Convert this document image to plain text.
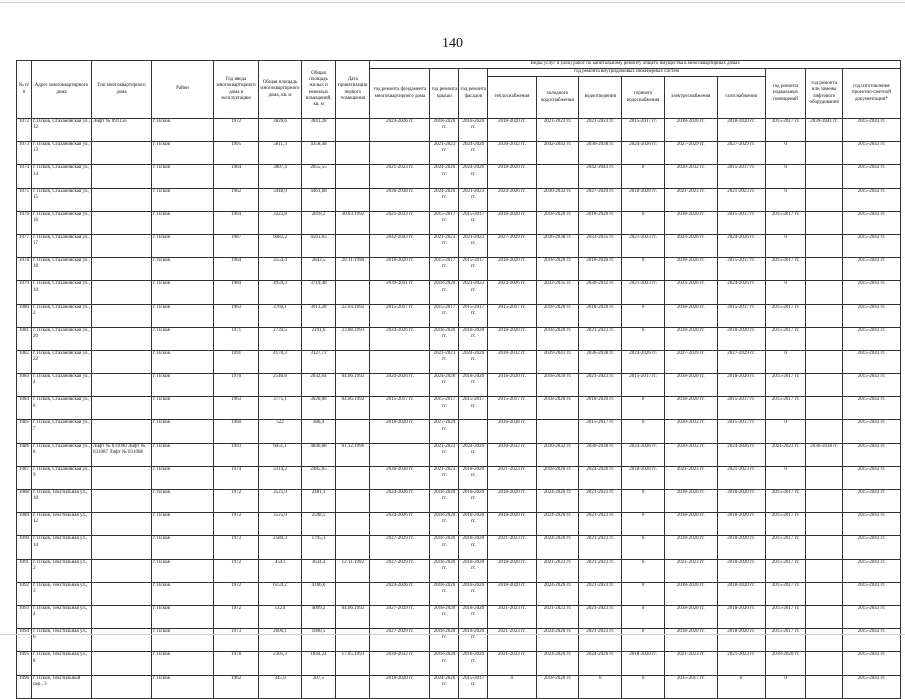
140
№ п/п	Адрес многоквартирного дома	Тип многоквартирного дома	Район	Год ввода многоквартирного дома в эксплуатацию	Общая площадь многоквартирного дома, кв. м	Общая площадь жилых и нежилых помещений, кв. м	Дата приватизации первого помещения	Виды услуг и (или) работ по капитальному ремонту общего имущества в многоквартирных домах											
								год ремонта фундамента многоквартирного дома	год ремонта крыши	год ремонта фасадов	год ремонта внутридомовых инженерных систем						год ремонта подвальных помещений	год ремонта или замены лифтового оборудования	год изготовления проектно-сметной документации*
											теплоснабжения	холодного водоснабжения	водоотведения	горячего водоснабжения	электроснабжения	газоснабжения			
1072	г. Псков, Стахановская ул., 12	Лифт № 091156	г. Псков	1972	3826,6	3041,28		2024-2026 гг.	2018-2020 гг.	2018-2020 гг.	2018-2020 гг.	2021-2023 гг.	2021-2023 гг.	2015-2017 гг.	2018-2020 гг.	2018-2020 гг.	2015-2017 гг.	2039-2041 гг.	2015-2043 гг.
1073	г. Псков, Стахановская ул., 13		г. Псков	1995	5811,3	4358,48			2021-2023 гг.	2024-2026 гг.	2030-2032 гг.	2042-2043 гг.	2036-2038 гг.	2024-2026 гг.	2027-2029 гг.	2027-2029 гг.	0		2015-2043 гг.
1074	г. Псков, Стахановская ул., 14		г. Псков	1964	3807,4	2855,55		2021-2023 гг.	2024-2026 гг.	2024-2026 гг.	2018-2020 гг.		2042-2043 гг.	0	2030-2032 гг.	2015-2017 гг.	0		2015-2043 гг.
1075	г. Псков, Стахановская ул., 15		г. Псков	1962	5948,9	4461,68		2036-2038 гг.	2024-2026 гг.	2021-2023 гг.	2024-2026 гг.	2030-2032 гг.	2027-2029 гг.	2018-2020 гг.	2021-2023 гг.	2021-2023 гг.	0		2015-2043 гг.
1076	г. Псков, Стахановская ул., 16		г. Псков	1964	3222,8	2818,2	30.03.1992	2021-2023 гг.	2015-2017 гг.	2015-2017 гг.	2018-2020 гг.	2018-2020 гг.	2018-2020 гг.	0	2018-2020 гг.	2015-2017 гг.	2015-2017 гг.		2015-2043 гг.
1077	г. Псков, Стахановская ул., 17		г. Псков	1987	6082,2	4561,65		2042-2043 гг.	2021-2023 гг.	2021-2023 гг.	2027-2029 гг.	2036-2038 гг.	2033-2035 гг.	2021-2023 гг.	2024-2026 гг.	2024-2026 гг.	0		2015-2043 гг.
1078	г. Псков, Стахановская ул., 18		г. Псков	1964	3554,4	2843,5	20.11.1998	2018-2020 гг.	2015-2017 гг.	2015-2017 гг.	2018-2020 гг.	2018-2020 гг.	2018-2020 гг.	0	2018-2020 гг.	2015-2017 гг.	2015-2017 гг.		2015-2043 гг.
1079	г. Псков, Стахановская ул., 19		г. Псков	1984	4959,3	3719,48		2039-2041 гг.	2018-2020 гг.	2021-2023 гг.	2024-2026 гг.	2033-2035 гг.	2030-2032 гг.	2021-2023 гг.	2024-2026 гг.	2024-2026 гг.	0		2015-2043 гг.
1080	г. Псков, Стахановская ул., 2		г. Псков	1963	3769,1	3013,28	22.04.1992	2015-2017 гг.	2015-2017 гг.	2015-2017 гг.	2015-2017 гг.	2018-2020 гг.	2018-2020 гг.	0	2018-2020 гг.	2015-2017 гг.	2015-2017 гг.		2015-2043 гг.
1081	г. Псков, Стахановская ул., 20		г. Псков	1971	2739,5	2191,6	23.08.1993	2024-2026 гг.	2018-2020 гг.	2018-2020 гг.	2018-2020 гг.	2018-2020 гг.	2021-2023 гг.	0	2018-2020 гг.	2018-2020 гг.	2015-2017 гг.		2015-2043 гг.
1082	г. Псков, Стахановская ул., 22		г. Псков	1991	4170,3	3127,72			2021-2023 гг.	2024-2026 гг.	2030-2032 гг.	2039-2041 гг.	2036-2038 гг.	2024-2026 гг.	2027-2029 гг.	2027-2029 гг.	0		2015-2043 гг.
1083	г. Псков, Стахановская ул., 4		г. Псков	1970	2540,8	2032,64	04.06.1992	2024-2026 гг.	2024-2026 гг.	2018-2020 гг.	2018-2020 гг.	2018-2020 гг.	2021-2023 гг.	2015-2017 гг.	2018-2020 гг.	2018-2020 гг.	2015-2017 гг.		2015-2043 гг.
1084	г. Псков, Стахановская ул., 6		г. Псков	1963	3775,1	3020,08	04.06.1992	2015-2017 гг.	2015-2017 гг.	2015-2017 гг.	2015-2017 гг.	2018-2020 гг.	2018-2020 гг.	0	2018-2020 гг.	2015-2017 гг.	2015-2017 гг.		2015-2043 гг.
1085	г. Псков, Стахановская ул., 7		г. Псков	1960	522	386,4		2018-2020 гг.	2027-2029 гг.		2036-2038 гг.		2015-2017 гг.	0	2030-2032 гг.	2015-2017 гг.	0		2015-2043 гг.
1086	г. Псков, Стахановская ул., 8	Лифт № 031090 Лифт № 031087 Лифт № 031088	г. Псков	1993	6051,1	4840,88	01.12.1996		2021-2023 гг.	2024-2026 гг.	2030-2032 гг.	2030-2032 гг.	2036-2038 гг.	2024-2026 гг.	2030-2032 гг.	2024-2026 гг.	2021-2023 гг.	2036-2038 гг.	2015-2043 гг.
1087	г. Псков, Стахановская ул., 9		г. Псков	1974	3314,2	2485,65		2036-2038 гг.	2021-2023 гг.	2018-2020 гг.	2021-2023 гг.	2018-2020 гг.	2024-2026 гг.	2018-2020 гг.	2021-2023 гг.	2021-2023 гг.	0		2015-2043 гг.
1088	г. Псков, Текстильная ул., 10		г. Псков	1972	3525,9	2481,3		2024-2026 гг.	2018-2020 гг.	2018-2020 гг.	2018-2020 гг.	2024-2026 гг.	2021-2023 гг.	0	2018-2020 гг.	2018-2020 гг.	2015-2017 гг.		2015-2043 гг.
1089	г. Псков, Текстильная ул., 12		г. Псков	1972	3525,9	2598,5		2024-2026 гг.	2018-2020 гг.	2018-2020 гг.	2018-2020 гг.	2024-2026 гг.	2021-2023 гг.	0	2018-2020 гг.	2018-2020 гг.	2015-2017 гг.		2015-2043 гг.
1090	г. Псков, Текстильная ул., 14		г. Псков	1973	2580,3	1795,1		2027-2029 гг.	2018-2020 гг.	2018-2020 гг.	2021-2023 гг.	2024-2026 гг.	2021-2023 гг.	0	2018-2020 гг.	2018-2020 гг.	2015-2017 гг.		2015-2043 гг.
1091	г. Псков, Текстильная ул., 2		г. Псков	1972	4543	3634,4	12.11.1992	2027-2029 гг.	2018-2020 гг.	2018-2020 гг.	2018-2020 гг.	2021-2023 гг.	2021-2023 гг.	0	2021-2023 гг.	2018-2020 гг.	2015-2017 гг.		2015-2043 гг.
1092	г. Псков, Текстильная ул., 3		г. Псков	1972	6159,2	4186,6		2024-2026 гг.	2018-2020 гг.	2018-2020 гг.	2018-2020 гг.	2024-2026 гг.	2021-2023 гг.	0	2018-2020 гг.	2018-2020 гг.	2015-2017 гг.		2015-2043 гг.
1093	г. Псков, Текстильная ул., 4		г. Псков	1972	5124	4099,2	04.06.1992	2027-2029 гг.	2018-2020 гг.	2018-2020 гг.	2021-2023 гг.	2021-2023 гг.	2021-2023 гг.	0	2018-2020 гг.	2018-2020 гг.	2015-2017 гг.		2015-2043 гг.
1094	г. Псков, Текстильная ул., 6		г. Псков	1973	2600,1	1800,5		2027-2029 гг.	2018-2020 гг.	2018-2020 гг.	2021-2023 гг.	2024-2026 гг.	2021-2023 гг.	0	2018-2020 гг.	2018-2020 гг.	2015-2017 гг.		2015-2043 гг.
1095	г. Псков, Текстильная ул., 8		г. Псков	1978	2305,3	1844,24	17.05.1993	2030-2032 гг.	2018-2020 гг.	2018-2020 гг.	2021-2023 гг.	2024-2026 гг.	2024-2026 гг.	2018-2020 гг.	2021-2023 гг.	2021-2023 гг.	2018-2020 гг.		2015-2043 гг.
1096	г. Псков, Текстильный пер., 3		г. Псков	1962	345,9	207,5		2018-2020 гг.	2024-2026 гг.	2015-2017 гг.	0	2018-2020 гг.	0	0	2015-2017 гг.	0	0		2015-2043 гг.
